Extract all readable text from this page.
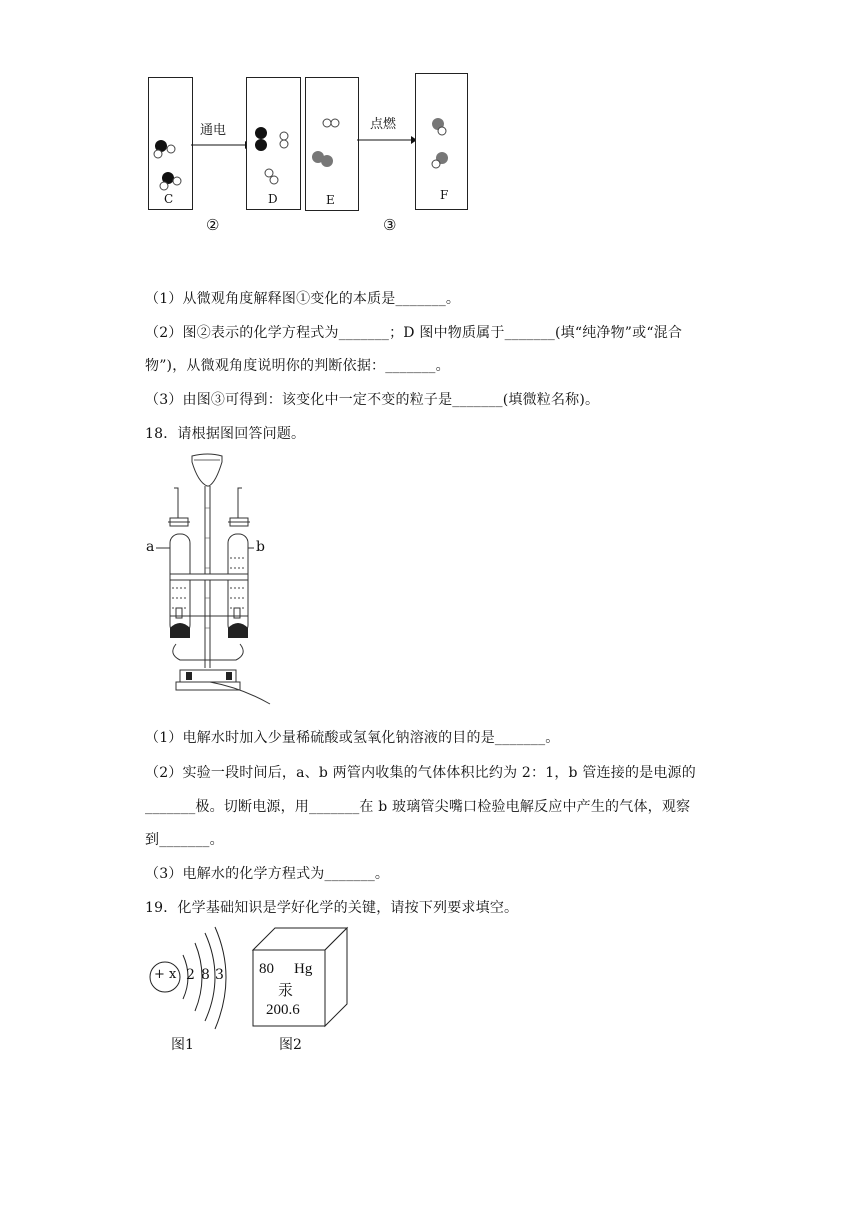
C
通电
D	E
点燃
F
②	③
（1）从微观角度解释图①变化的本质是_______。
（2）图②表示的化学方程式为_______；D 图中物质属于_______(填“纯净物”或“混合
物”)，从微观角度说明你的判断依据：_______。
（3）由图③可得到：该变化中一定不变的粒子是_______(填微粒名称)。
18．请根据图回答问题。
a	b
（1）电解水时加入少量稀硫酸或氢氧化钠溶液的目的是_______。
（2）实验一段时间后，a、b 两管内收集的气体体积比约为 2：1，b 管连接的是电源的
_______极。切断电源，用_______在 b 玻璃管尖嘴口检验电解反应中产生的气体，观察
到_______。
（3）电解水的化学方程式为_______。
19．化学基础知识是学好化学的关键，请按下列要求填空。
+ x 2 8 3
图1
80 Hg
汞
200.6
图2
